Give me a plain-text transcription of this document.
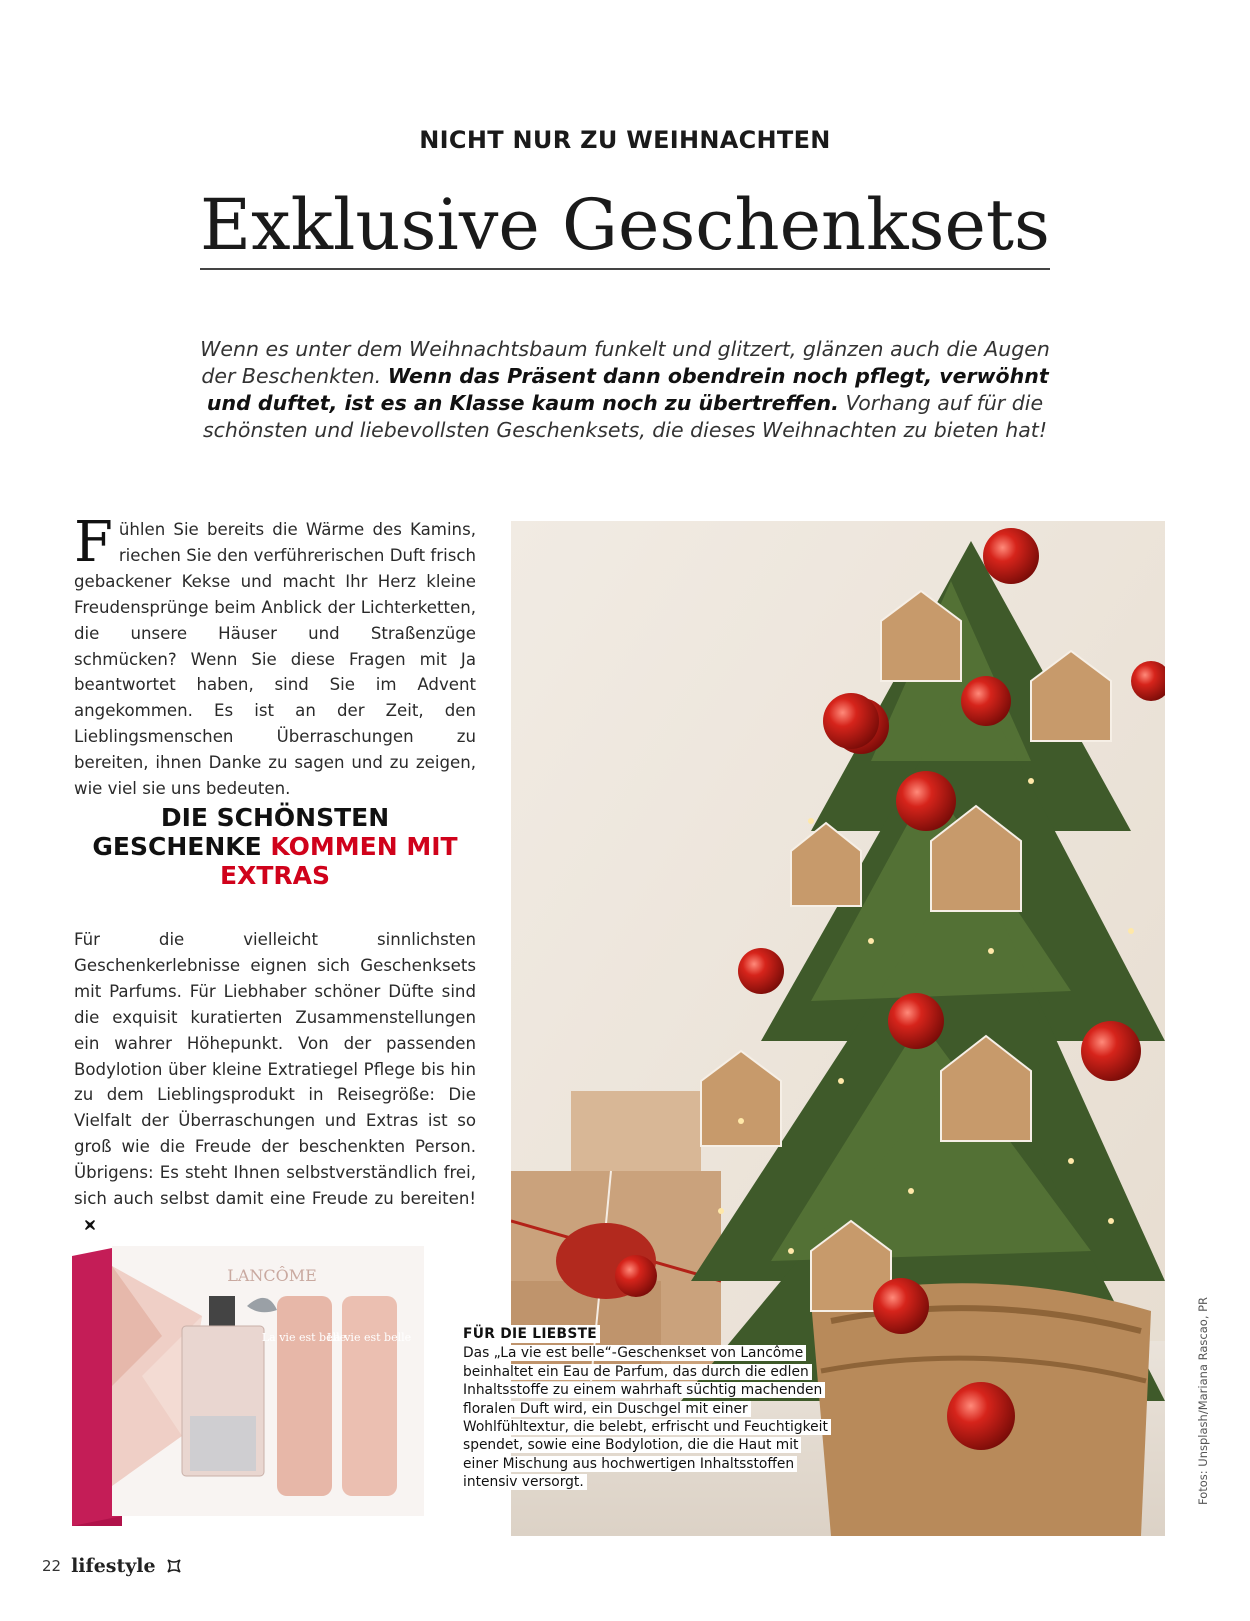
NICHT NUR ZU WEIHNACHTEN
Exklusive Geschenksets
Wenn es unter dem Weihnachtsbaum funkelt und glitzert, glänzen auch die Augen der Beschenkten. Wenn das Präsent dann obendrein noch pflegt, verwöhnt und duftet, ist es an Klasse kaum noch zu übertreffen. Vorhang auf für die schönsten und liebevollsten Geschenksets, die dieses Weihnachten zu bieten hat!
Fühlen Sie bereits die Wärme des Kamins, riechen Sie den verführerischen Duft frisch gebackener Kekse und macht Ihr Herz kleine Freudensprünge beim Anblick der Lichterketten, die unsere Häuser und Straßenzüge schmücken? Wenn Sie diese Fragen mit Ja beantwortet haben, sind Sie im Advent angekommen. Es ist an der Zeit, den Lieblingsmenschen Überraschungen zu bereiten, ihnen Danke zu sagen und zu zeigen, wie viel sie uns bedeuten.
DIE SCHÖNSTEN GESCHENKE KOMMEN MIT EXTRAS
Für die vielleicht sinnlichsten Geschenkerlebnisse eignen sich Geschenksets mit Parfums. Für Liebhaber schöner Düfte sind die exquisit kuratierten Zusammenstellungen ein wahrer Höhepunkt. Von der passenden Bodylotion über kleine Extratiegel Pflege bis hin zu dem Lieblingsprodukt in Reisegröße: Die Vielfalt der Überraschungen und Extras ist so groß wie die Freude der beschenkten Person. Übrigens: Es steht Ihnen selbstverständlich frei, sich auch selbst damit eine Freude zu bereiten!
LANCÔME
La vie est belle
La vie est belle	FÜR DIE LIEBSTE
Das „La vie est belle“-Geschenkset von Lancôme beinhaltet ein Eau de Parfum, das durch die edlen Inhaltsstoffe zu einem wahrhaft süchtig machenden floralen Duft wird, ein Duschgel mit einer Wohlfühltextur, die belebt, erfrischt und Feuchtigkeit spendet, sowie eine Bodylotion, die die Haut mit einer Mischung aus hochwertigen Inhaltsstoffen intensiv versorgt.	Fotos: Unsplash/Mariana Rascao, PR
22 lifestyle
